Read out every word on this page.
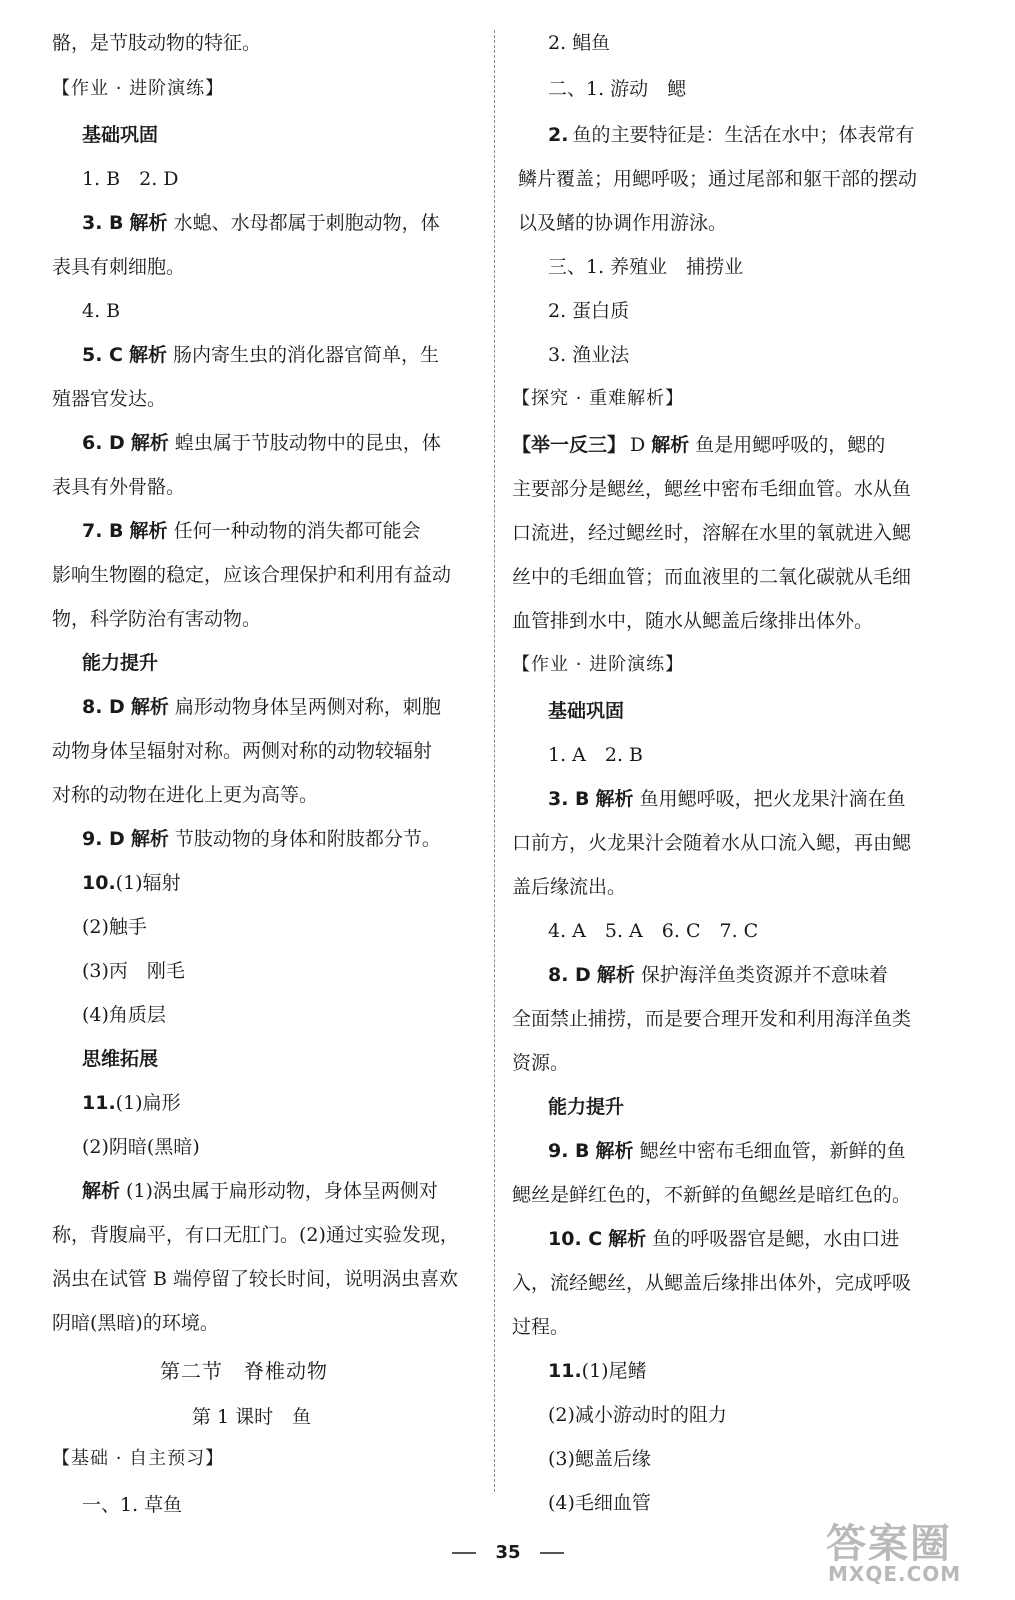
骼，是节肢动物的特征。
【作业 · 进阶演练】
基础巩固
1. B　2. D
3. B 解析 水螅、水母都属于刺胞动物，体
表具有刺细胞。
4. B
5. C 解析 肠内寄生虫的消化器官简单，生
殖器官发达。
6. D 解析 蝗虫属于节肢动物中的昆虫，体
表具有外骨骼。
7. B 解析 任何一种动物的消失都可能会
影响生物圈的稳定，应该合理保护和利用有益动
物，科学防治有害动物。
能力提升
8. D 解析 扁形动物身体呈两侧对称，刺胞
动物身体呈辐射对称。两侧对称的动物较辐射
对称的动物在进化上更为高等。
9. D 解析 节肢动物的身体和附肢都分节。
10.(1)辐射
(2)触手
(3)丙　刚毛
(4)角质层
思维拓展
11.(1)扁形
(2)阴暗(黑暗)
解析 (1)涡虫属于扁形动物，身体呈两侧对
称，背腹扁平，有口无肛门。(2)通过实验发现，
涡虫在试管 B 端停留了较长时间，说明涡虫喜欢
阴暗(黑暗)的环境。
第二节　脊椎动物
第 1 课时　鱼
【基础 · 自主预习】
一、1. 草鱼
2. 鲳鱼
二、1. 游动　鳃
2. 鱼的主要特征是：生活在水中；体表常有
鳞片覆盖；用鳃呼吸；通过尾部和躯干部的摆动
以及鳍的协调作用游泳。
三、1. 养殖业　捕捞业
2. 蛋白质
3. 渔业法
【探究 · 重难解析】
【举一反三】 D 解析 鱼是用鳃呼吸的，鳃的
主要部分是鳃丝，鳃丝中密布毛细血管。水从鱼
口流进，经过鳃丝时，溶解在水里的氧就进入鳃
丝中的毛细血管；而血液里的二氧化碳就从毛细
血管排到水中，随水从鳃盖后缘排出体外。
【作业 · 进阶演练】
基础巩固
1. A　2. B
3. B 解析 鱼用鳃呼吸，把火龙果汁滴在鱼
口前方，火龙果汁会随着水从口流入鳃，再由鳃
盖后缘流出。
4. A　5. A　6. C　7. C
8. D 解析 保护海洋鱼类资源并不意味着
全面禁止捕捞，而是要合理开发和利用海洋鱼类
资源。
能力提升
9. B 解析 鳃丝中密布毛细血管，新鲜的鱼
鳃丝是鲜红色的，不新鲜的鱼鳃丝是暗红色的。
10. C 解析 鱼的呼吸器官是鳃，水由口进
入，流经鳃丝，从鳃盖后缘排出体外，完成呼吸
过程。
11.(1)尾鳍
(2)减小游动时的阻力
(3)鳃盖后缘
(4)毛细血管
35	答案圈
MXQE.COM
